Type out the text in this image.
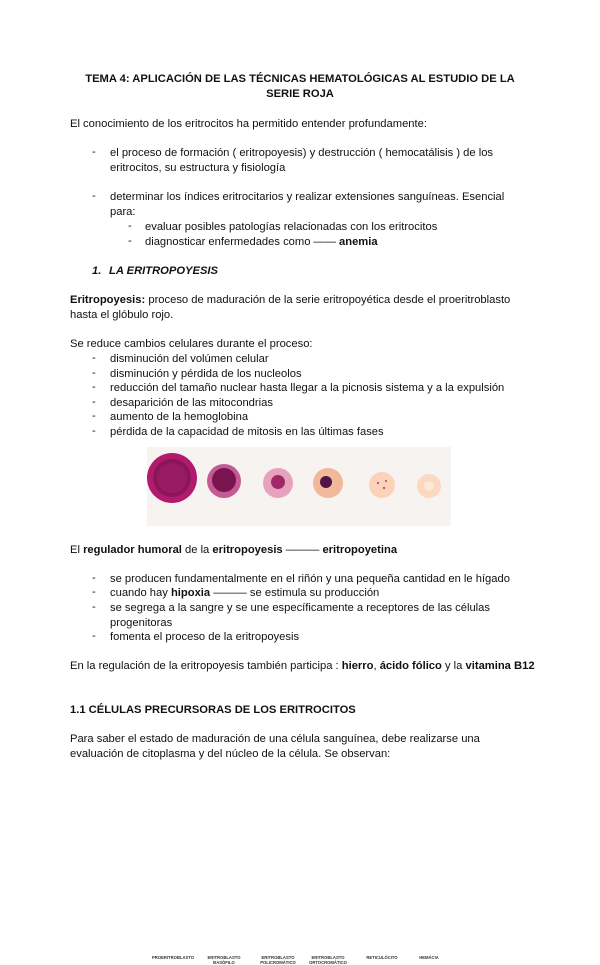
TEMA 4: APLICACIÓN DE LAS TÉCNICAS HEMATOLÓGICAS AL ESTUDIO DE LA SERIE ROJA
El conocimiento de los eritrocitos ha permitido entender profundamente:
- el proceso de formación ( eritropoyesis) y destrucción ( hemocatálisis ) de los eritrocitos, su estructura y fisiología
- determinar los índices eritrocitarios y realizar extensiones sanguíneas. Esencial para:
- evaluar posibles patologías relacionadas con los eritrocitos
- diagnosticar enfermedades como —— anemia
1. LA ERITROPOYESIS
Eritropoyesis: proceso de maduración de la serie eritropoyética desde el proeritroblasto hasta el glóbulo rojo.
Se reduce cambios celulares durante el proceso:
- disminución del volúmen celular
- disminución y pérdida de los nucleolos
- reducción del tamaño nuclear hasta llegar a la picnosis sistema y a la expulsión
- desaparición de las mitocondrias
- aumento de la hemoglobina
- pérdida de la capacidad de mitosis en las últimas fases
PROERITROBLASTO	ERITROBLASTO BASÓFILO
ERITROBLASTO POLICROMÁTICO
ERITROBLASTO ORTOCROMÁTICO
RETICULÓCITO	HEMÁCIA
El regulador humoral de la eritropoyesis ——— eritropoyetina
- se producen fundamentalmente en el riñón y una pequeña cantidad en le hígado
- cuando hay hipoxia ——— se estimula su producción
- se segrega a la sangre y se une específicamente a receptores de las células progenitoras
- fomenta el proceso de la eritropoyesis
En la regulación de la eritropoyesis también participa : hierro, ácido fólico y la vitamina B12
1.1 CÉLULAS PRECURSORAS DE LOS ERITROCITOS
Para saber el estado de maduración de una célula sanguínea, debe realizarse una evaluación de citoplasma y del núcleo de la célula. Se observan:
